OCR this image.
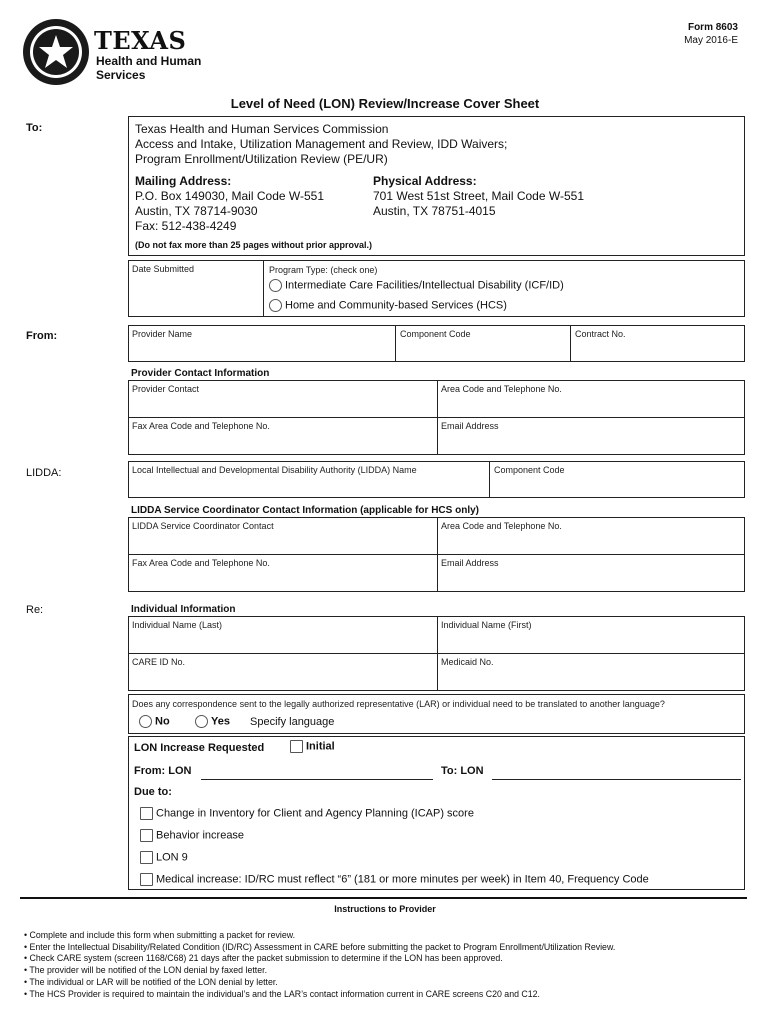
TEXAS
Health and Human
Services
Form 8603
May 2016-E
Level of Need (LON) Review/Increase Cover Sheet
To:	Texas Health and Human Services Commission
Access and Intake, Utilization Management and Review, IDD Waivers;
Program Enrollment/Utilization Review (PE/UR)
Mailing Address:
P.O. Box 149030, Mail Code W-551
Austin, TX 78714-9030
Fax: 512-438-4249
Physical Address:
701 West 51st Street, Mail Code W-551
Austin, TX 78751-4015
(Do not fax more than 25 pages without prior approval.)
Date Submitted	Program Type: (check one)
Intermediate Care Facilities/Intellectual Disability (ICF/ID)
Home and Community-based Services (HCS)
From:	Provider Name	Component Code	Contract No.
Provider Contact Information
Provider Contact	Area Code and Telephone No.
Fax Area Code and Telephone No.	Email Address
LIDDA:	Local Intellectual and Developmental Disability Authority (LIDDA) Name	Component Code
LIDDA Service Coordinator Contact Information (applicable for HCS only)
LIDDA Service Coordinator Contact	Area Code and Telephone No.
Fax Area Code and Telephone No.	Email Address
Re:	Individual Information
Individual Name (Last)	Individual Name (First)
CARE ID No.	Medicaid No.
Does any correspondence sent to the legally authorized representative (LAR) or individual need to be translated to another language?
No	Yes Specify language
LON Increase Requested	Initial
From: LON	To: LON
Due to:
Change in Inventory for Client and Agency Planning (ICAP) score
Behavior increase
LON 9
Medical increase: ID/RC must reflect “6” (181 or more minutes per week) in Item 40, Frequency Code
Instructions to Provider
• Complete and include this form when submitting a packet for review.
• Enter the Intellectual Disability/Related Condition (ID/RC) Assessment in CARE before submitting the packet to Program Enrollment/Utilization Review.
• Check CARE system (screen 1168/C68) 21 days after the packet submission to determine if the LON has been approved.
• The provider will be notified of the LON denial by faxed letter.
• The individual or LAR will be notified of the LON denial by letter.
• The HCS Provider is required to maintain the individual’s and the LAR’s contact information current in CARE screens C20 and C12.
